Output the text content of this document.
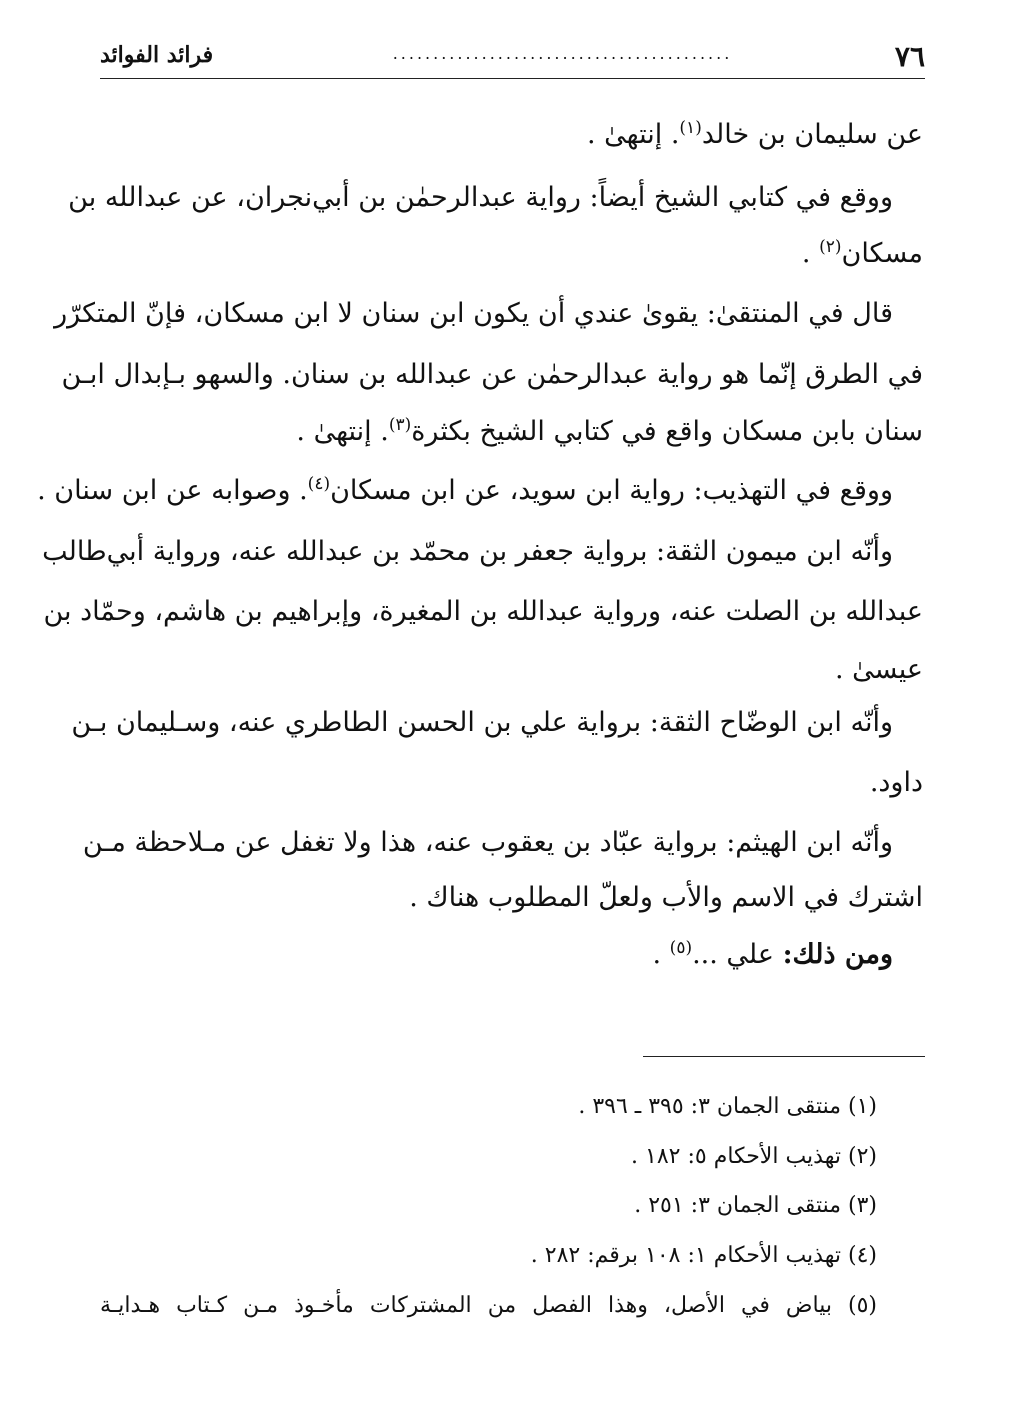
٧٦
..........................................
فرائد الفوائد
عن سليمان بن خالد$^{(١)}$. إنتهىٰ .
ووقع في كتابي الشيخ أيضاً: رواية عبدالرحمٰن بن أبي‌نجران، عن عبدالله بن
مسكان$^{(٢)}$ .
قال في المنتقىٰ: يقوىٰ عندي أن يكون ابن سنان لا ابن مسكان، فإنّ المتكرّر
في الطرق إنّما هو رواية عبدالرحمٰن عن عبدالله بن سنان. والسهو بـإبدال ابـن
سنان بابن مسكان واقع في كتابي الشيخ بكثرة$^{(٣)}$. إنتهىٰ .
ووقع في التهذيب: رواية ابن سويد، عن ابن مسكان$^{(٤)}$. وصوابه عن ابن سنان .
وأنّه ابن ميمون الثقة: برواية جعفر بن محمّد بن عبدالله عنه، ورواية أبي‌طالب
عبدالله بن الصلت عنه، ورواية عبدالله بن المغيرة، وإبراهيم بن هاشم، وحمّاد بن
عيسىٰ .
وأنّه ابن الوضّاح الثقة: برواية علي بن الحسن الطاطري عنه، وسـليمان بـن
داود.
وأنّه ابن الهيثم: برواية عبّاد بن يعقوب عنه، هذا ولا تغفل عن مـلاحظة مـن
اشترك في الاسم والأب ولعلّ المطلوب هناك .
ومن ذلك: علي ...$^{(٥)}$ .
(١) منتقى الجمان ٣: ٣٩٥ ـ ٣٩٦ .
(٢) تهذيب الأحكام ٥: ١٨٢ .
(٣) منتقى الجمان ٣: ٢٥١ .
(٤) تهذيب الأحكام ١: ١٠٨ برقم: ٢٨٢ .
(٥) بياض في الأصل، وهذا الفصل من المشتركات مأخـوذ مـن كـتاب هـدايـة
